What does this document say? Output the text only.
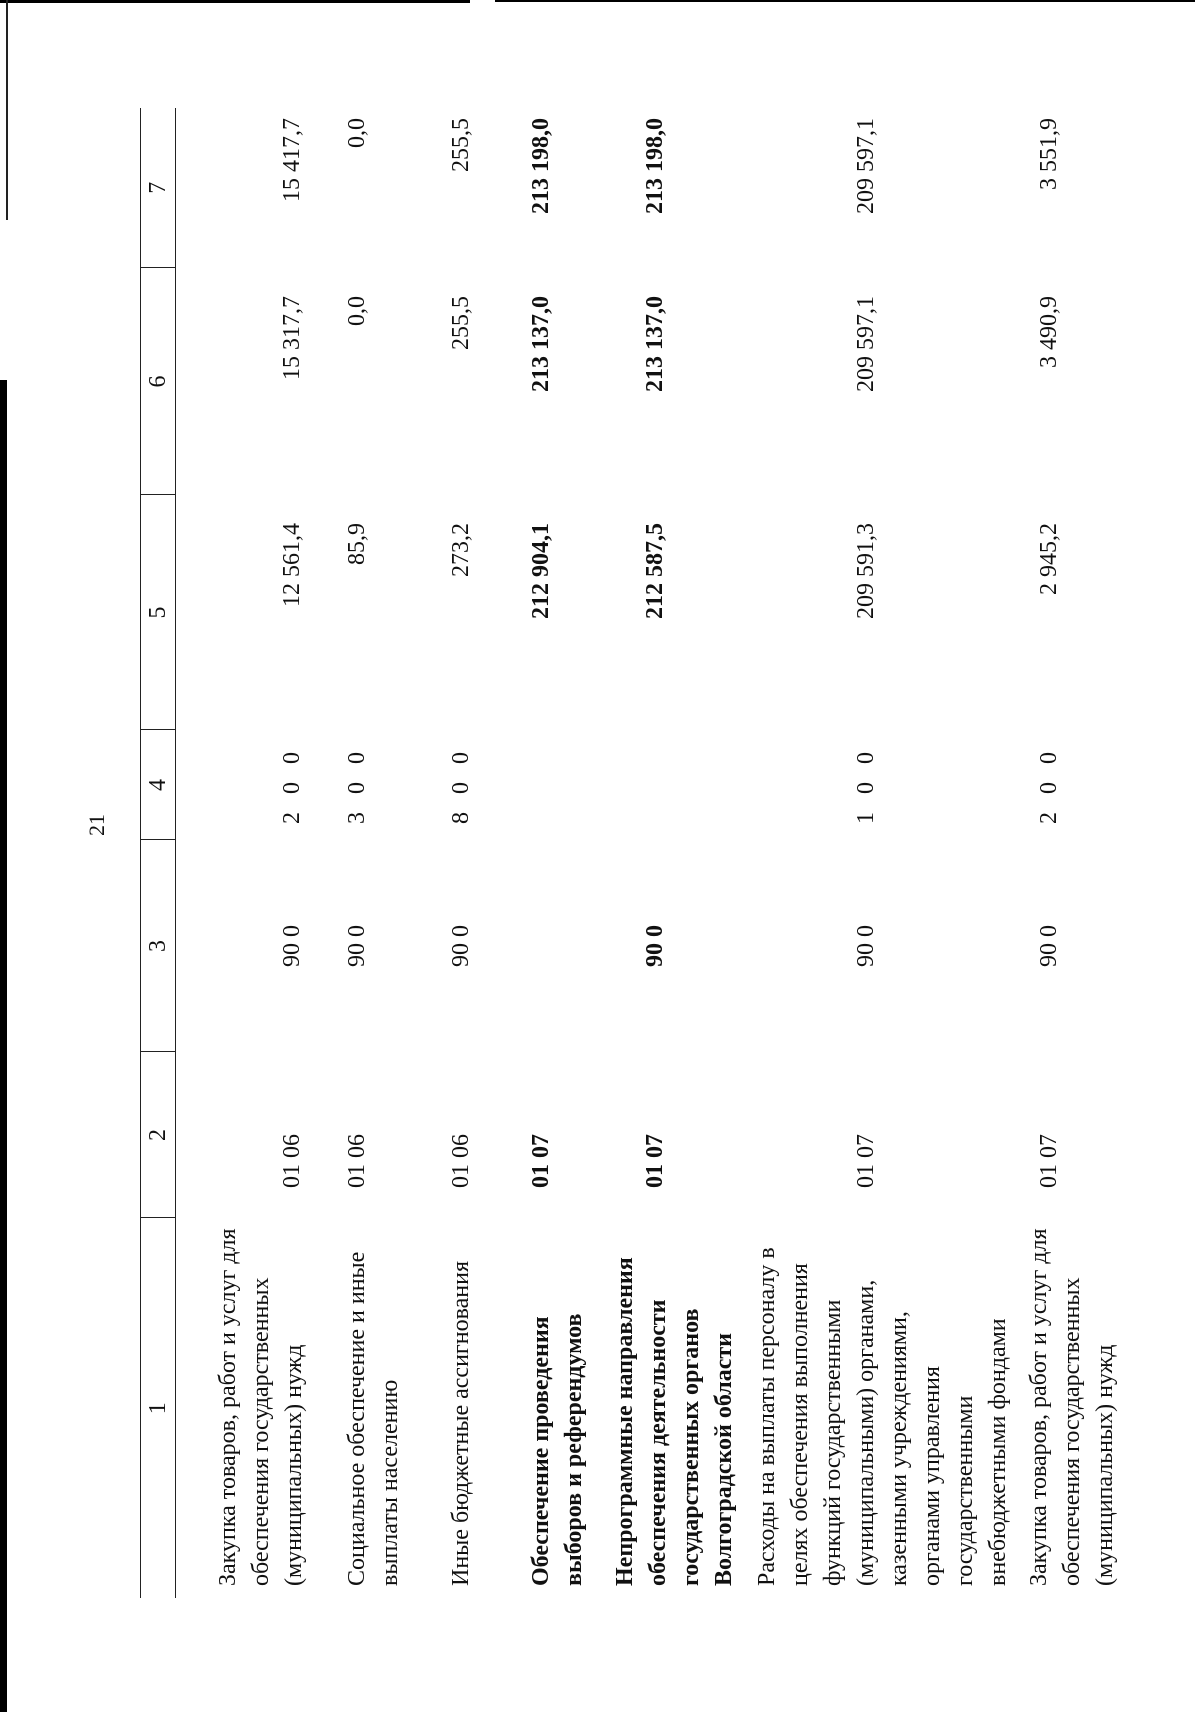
21
1	2	3	4	5	6	7
Закупка товаров, работ и услуг для обеспечения государственных (муниципальных) нужд	01 06	90 0	2 0 0	12 561,4	15 317,7	15 417,7
Социальное обеспечение и иные выплаты населению	01 06	90 0	3 0 0	85,9	0,0	0,0
Иные бюджетные ассигнования	01 06	90 0	8 0 0	273,2	255,5	255,5
Обеспечение проведения выборов и референдумов	01 07			212 904,1	213 137,0	213 198,0
Непрограммные направления обеспечения деятельности государственных органов Волгоградской области	01 07	90 0		212 587,5	213 137,0	213 198,0
Расходы на выплаты персоналу в целях обеспечения выполнения функций государственными (муниципальными) органами, казенными учреждениями, органами управления государственными внебюджетными фондами	01 07	90 0	1 0 0	209 591,3	209 597,1	209 597,1
Закупка товаров, работ и услуг для обеспечения государственных (муниципальных) нужд	01 07	90 0	2 0 0	2 945,2	3 490,9	3 551,9
